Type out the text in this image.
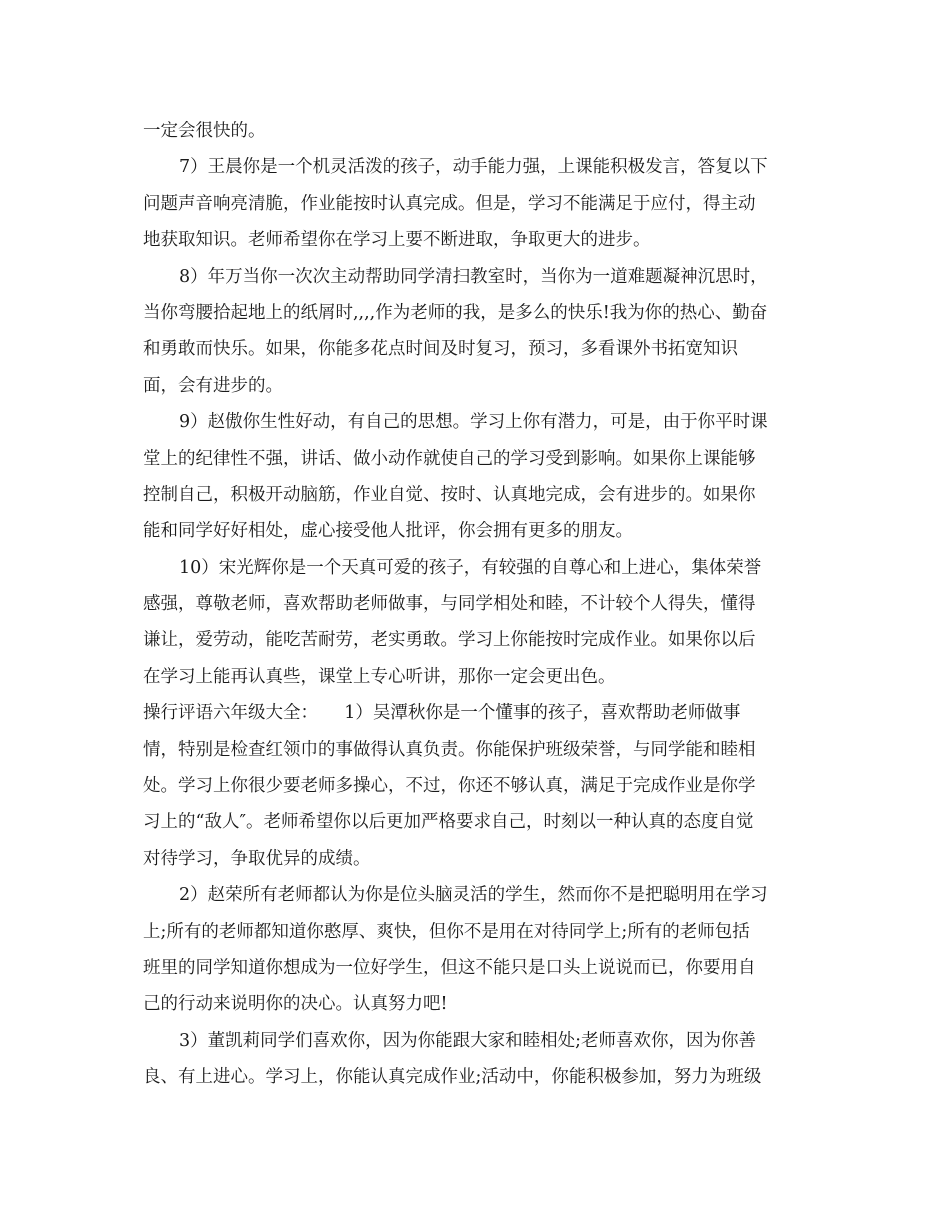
一定会很快的。
7）王晨你是一个机灵活泼的孩子，动手能力强，上课能积极发言，答复以下
问题声音响亮清脆，作业能按时认真完成。但是，学习不能满足于应付，得主动
地获取知识。老师希望你在学习上要不断进取，争取更大的进步。
8）年万当你一次次主动帮助同学清扫教室时，当你为一道难题凝神沉思时，
当你弯腰拾起地上的纸屑时,,,,作为老师的我，是多么的快乐!我为你的热心、勤奋
和勇敢而快乐。如果，你能多花点时间及时复习，预习，多看课外书拓宽知识
面，会有进步的。
9）赵傲你生性好动，有自己的思想。学习上你有潜力，可是，由于你平时课
堂上的纪律性不强，讲话、做小动作就使自己的学习受到影响。如果你上课能够
控制自己，积极开动脑筋，作业自觉、按时、认真地完成，会有进步的。如果你
能和同学好好相处，虚心接受他人批评，你会拥有更多的朋友。
10）宋光辉你是一个天真可爱的孩子，有较强的自尊心和上进心，集体荣誉
感强，尊敬老师，喜欢帮助老师做事，与同学相处和睦，不计较个人得失，懂得
谦让，爱劳动，能吃苦耐劳，老实勇敢。学习上你能按时完成作业。如果你以后
在学习上能再认真些，课堂上专心听讲，那你一定会更出色。
操行评语六年级大全：　　1）吴潭秋你是一个懂事的孩子，喜欢帮助老师做事
情，特别是检查红领巾的事做得认真负责。你能保护班级荣誉，与同学能和睦相
处。学习上你很少要老师多操心，不过，你还不够认真，满足于完成作业是你学
习上的“敌人″。老师希望你以后更加严格要求自己，时刻以一种认真的态度自觉
对待学习，争取优异的成绩。
2）赵荣所有老师都认为你是位头脑灵活的学生，然而你不是把聪明用在学习
上;所有的老师都知道你憨厚、爽快，但你不是用在对待同学上;所有的老师包括
班里的同学知道你想成为一位好学生，但这不能只是口头上说说而已，你要用自
己的行动来说明你的决心。认真努力吧!
3）董凯莉同学们喜欢你，因为你能跟大家和睦相处;老师喜欢你，因为你善
良、有上进心。学习上，你能认真完成作业;活动中，你能积极参加，努力为班级
